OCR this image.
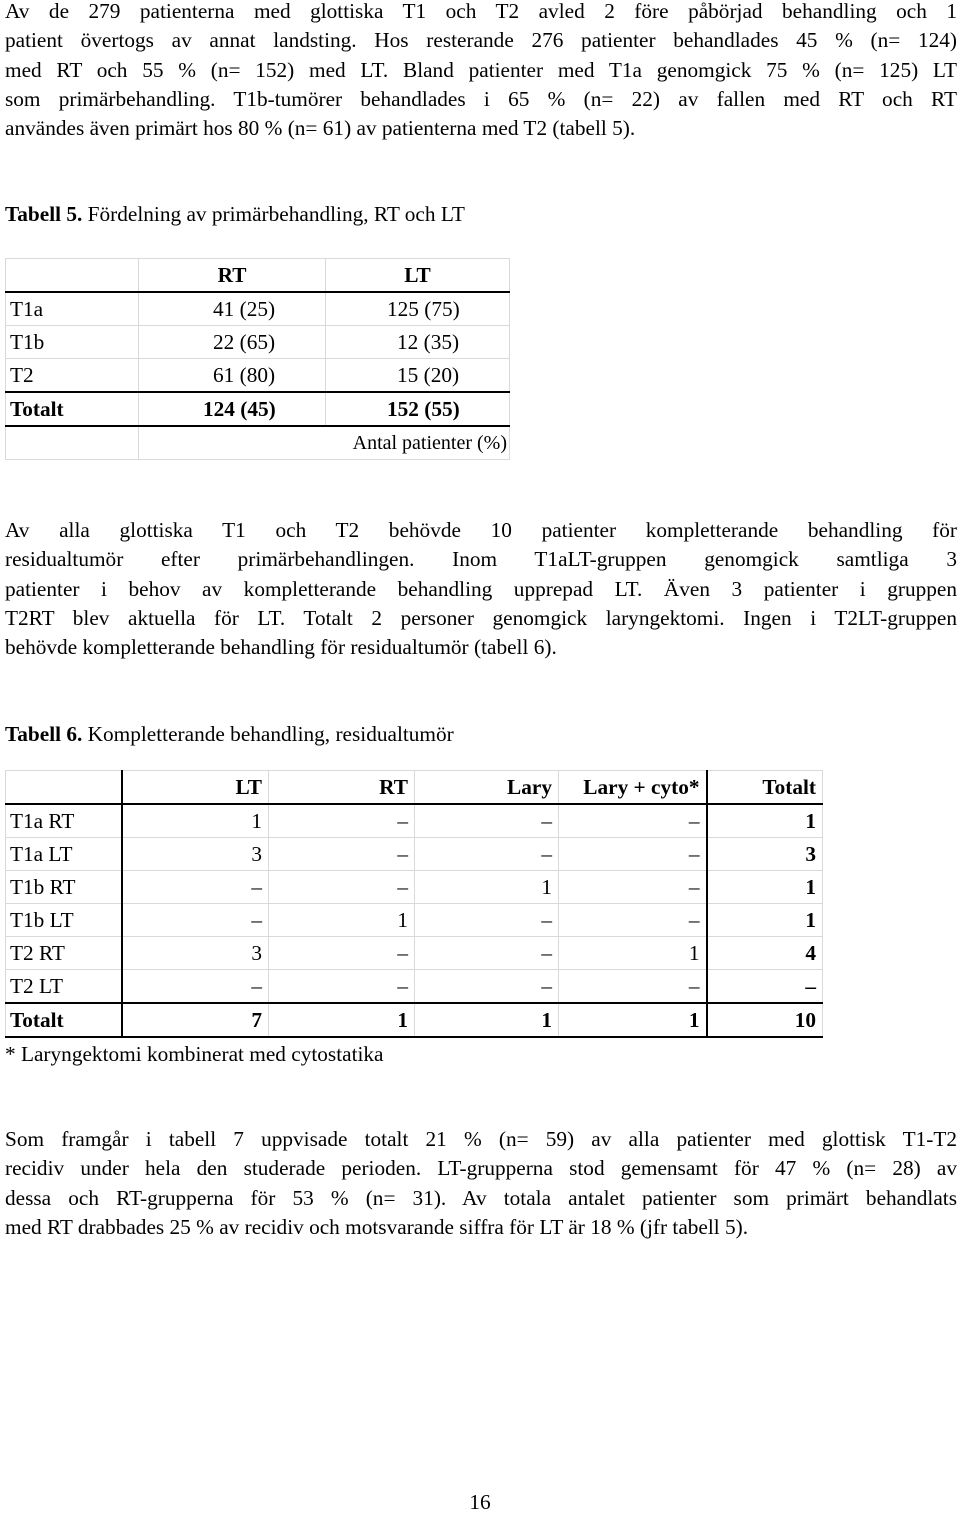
Av de 279 patienterna med glottiska T1 och T2 avled 2 före påbörjad behandling och 1
patient övertogs av annat landsting. Hos resterande 276 patienter behandlades 45 % (n= 124)
med RT och 55 % (n= 152) med LT. Bland patienter med T1a genomgick 75 % (n= 125) LT
som primärbehandling. T1b-tumörer behandlades i 65 % (n= 22) av fallen med RT och RT
användes även primärt hos 80 % (n= 61) av patienterna med T2 (tabell 5).
Tabell 5. Fördelning av primärbehandling, RT och LT
	RT	LT
T1a	41 (25)	125 (75)
T1b	22 (65)	12 (35)
T2	61 (80)	15 (20)
Totalt	124 (45)	152 (55)
	Antal patienter (%)	
Av alla glottiska T1 och T2 behövde 10 patienter kompletterande behandling för
residualtumör efter primärbehandlingen. Inom T1aLT-gruppen genomgick samtliga 3
patienter i behov av kompletterande behandling upprepad LT. Även 3 patienter i gruppen
T2RT blev aktuella för LT. Totalt 2 personer genomgick laryngektomi. Ingen i T2LT-gruppen
behövde kompletterande behandling för residualtumör (tabell 6).
Tabell 6. Kompletterande behandling, residualtumör
	LT	RT	Lary	Lary + cyto*	Totalt
T1a RT	1	–	–	–	1
T1a LT	3	–	–	–	3
T1b RT	–	–	1	–	1
T1b LT	–	1	–	–	1
T2 RT	3	–	–	1	4
T2 LT	–	–	–	–	–
Totalt	7	1	1	1	10
* Laryngektomi kombinerat med cytostatika
Som framgår i tabell 7 uppvisade totalt 21 % (n= 59) av alla patienter med glottisk T1-T2
recidiv under hela den studerade perioden. LT-grupperna stod gemensamt för 47 % (n= 28) av
dessa och RT-grupperna för 53 % (n= 31). Av totala antalet patienter som primärt behandlats
med RT drabbades 25 % av recidiv och motsvarande siffra för LT är 18 % (jfr tabell 5).
16
